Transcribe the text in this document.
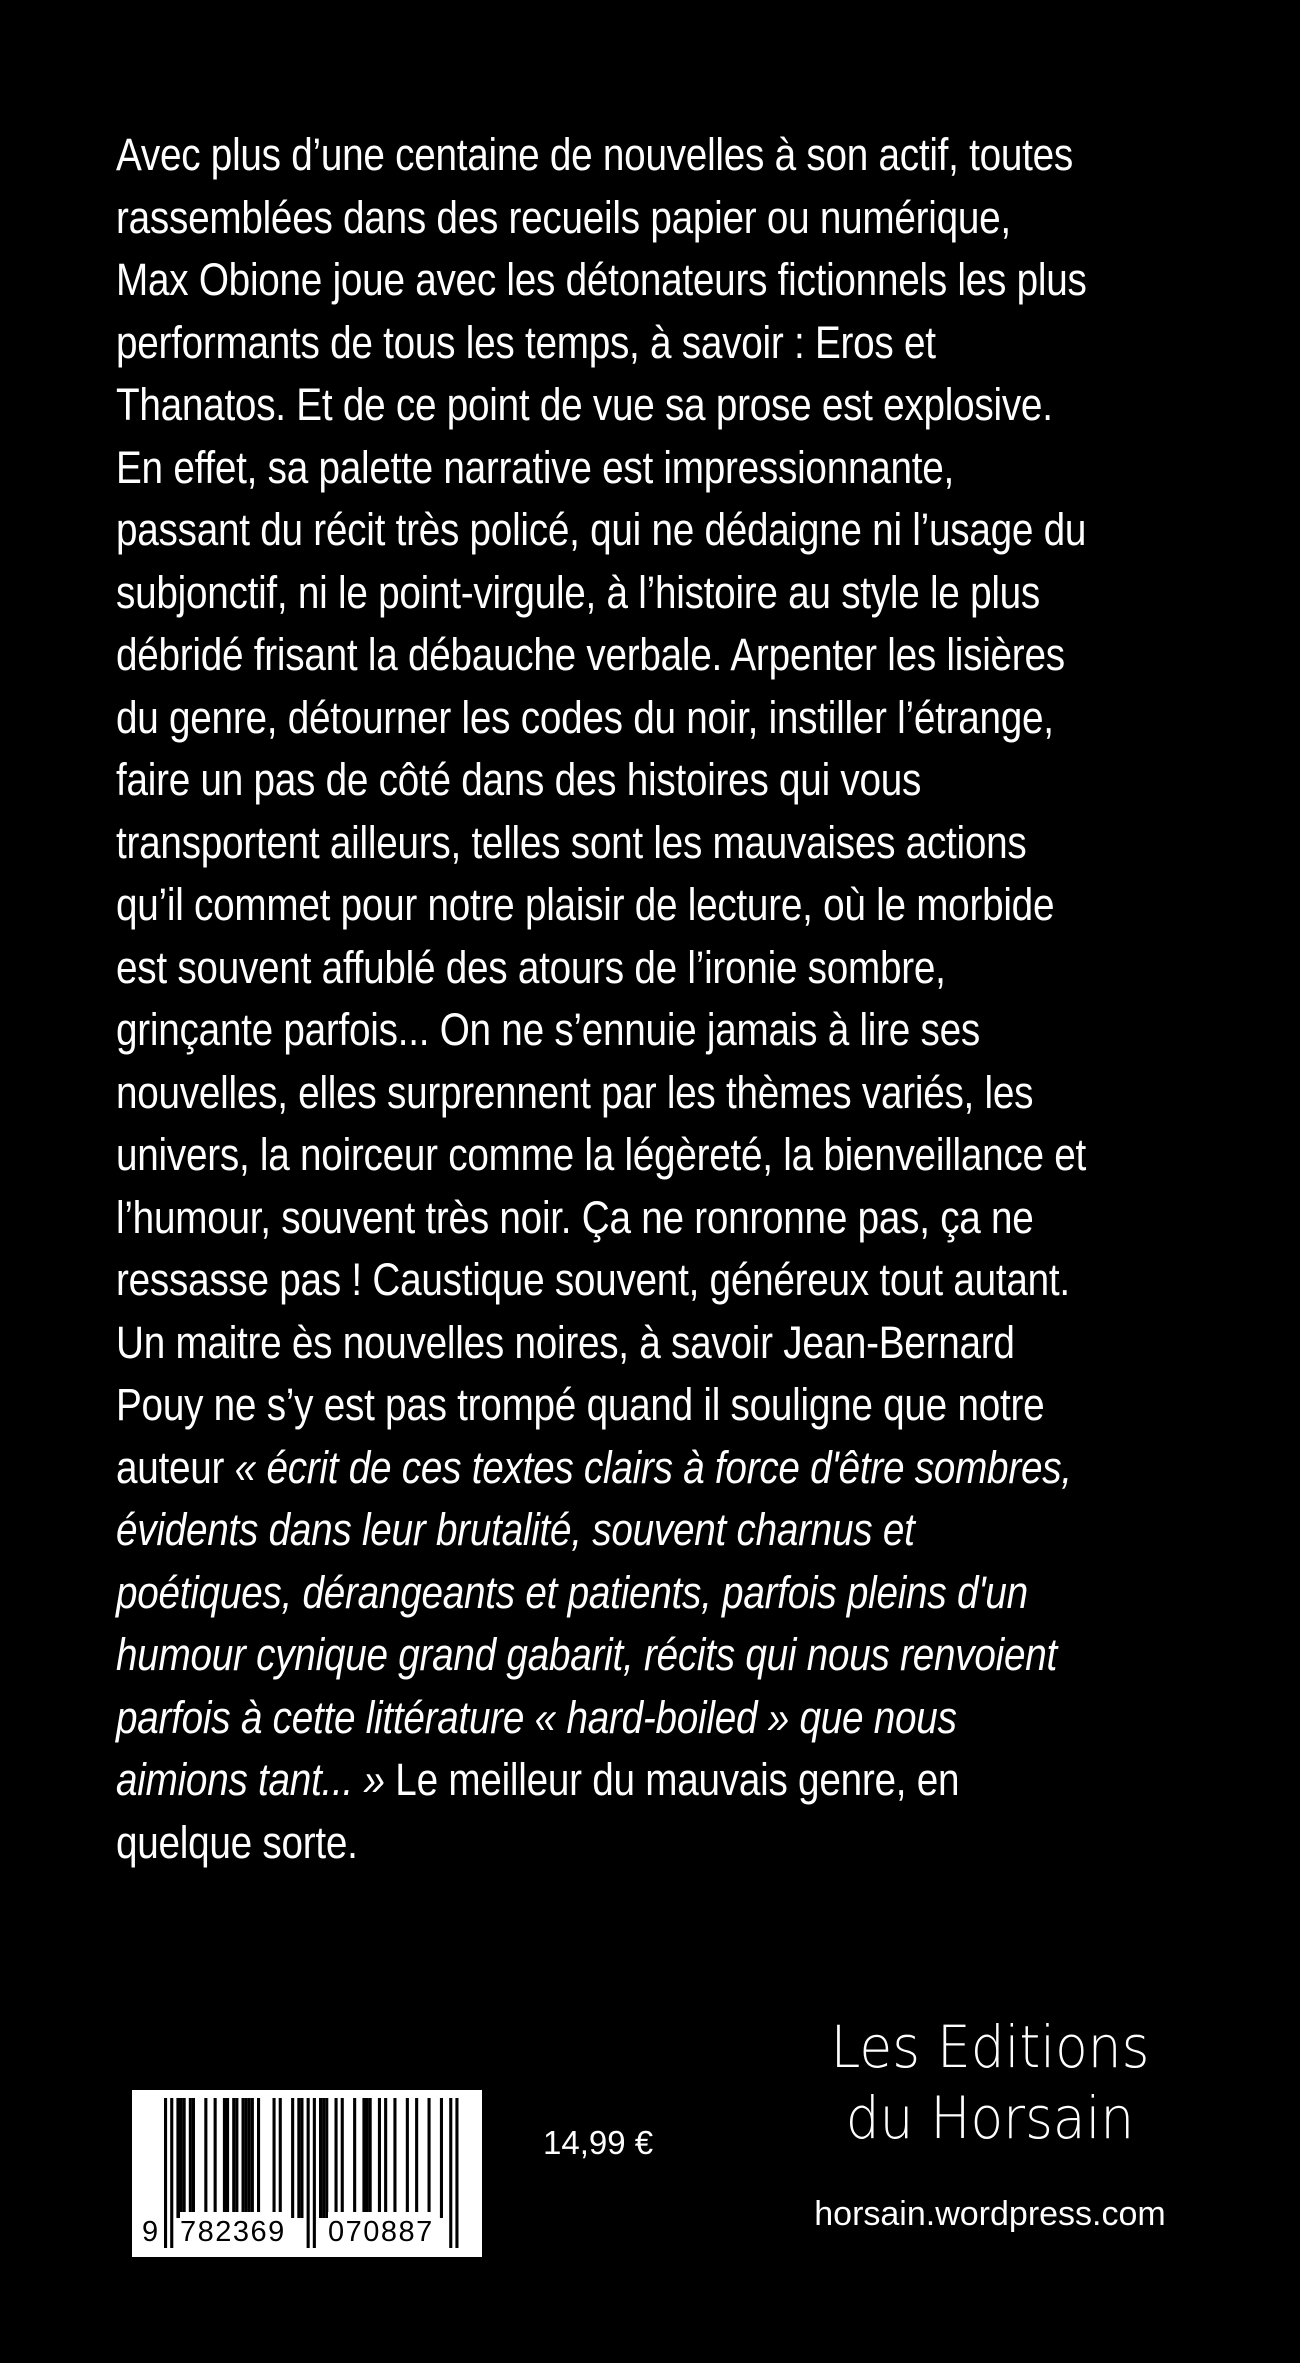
Avec plus d’une centaine de nouvelles à son actif, toutes
rassemblées dans des recueils papier ou numérique,
Max Obione joue avec les détonateurs fictionnels les plus
performants de tous les temps, à savoir : Eros et
Thanatos. Et de ce point de vue sa prose est explosive.
En effet, sa palette narrative est impressionnante,
passant du récit très policé, qui ne dédaigne ni l’usage du
subjonctif, ni le point-virgule, à l’histoire au style le plus
débridé frisant la débauche verbale. Arpenter les lisières
du genre, détourner les codes du noir, instiller l’étrange,
faire un pas de côté dans des histoires qui vous
transportent ailleurs, telles sont les mauvaises actions
qu’il commet pour notre plaisir de lecture, où le morbide
est souvent affublé des atours de l’ironie sombre,
grinçante parfois... On ne s’ennuie jamais à lire ses
nouvelles, elles surprennent par les thèmes variés, les
univers, la noirceur comme la légèreté, la bienveillance et
l’humour, souvent très noir. Ça ne ronronne pas, ça ne
ressasse pas ! Caustique souvent, généreux tout autant.
Un maitre ès nouvelles noires, à savoir Jean-Bernard
Pouy ne s’y est pas trompé quand il souligne que notre
auteur « écrit de ces textes clairs à force d'être sombres,
évidents dans leur brutalité, souvent charnus et
poétiques, dérangeants et patients, parfois pleins d'un
humour cynique grand gabarit, récits qui nous renvoient
parfois à cette littérature « hard-boiled » que nous
aimions tant... » Le meilleur du mauvais genre, en
quelque sorte.
9 782369 070887
14,99 €
Les Editions
du Horsain
horsain.wordpress.com
